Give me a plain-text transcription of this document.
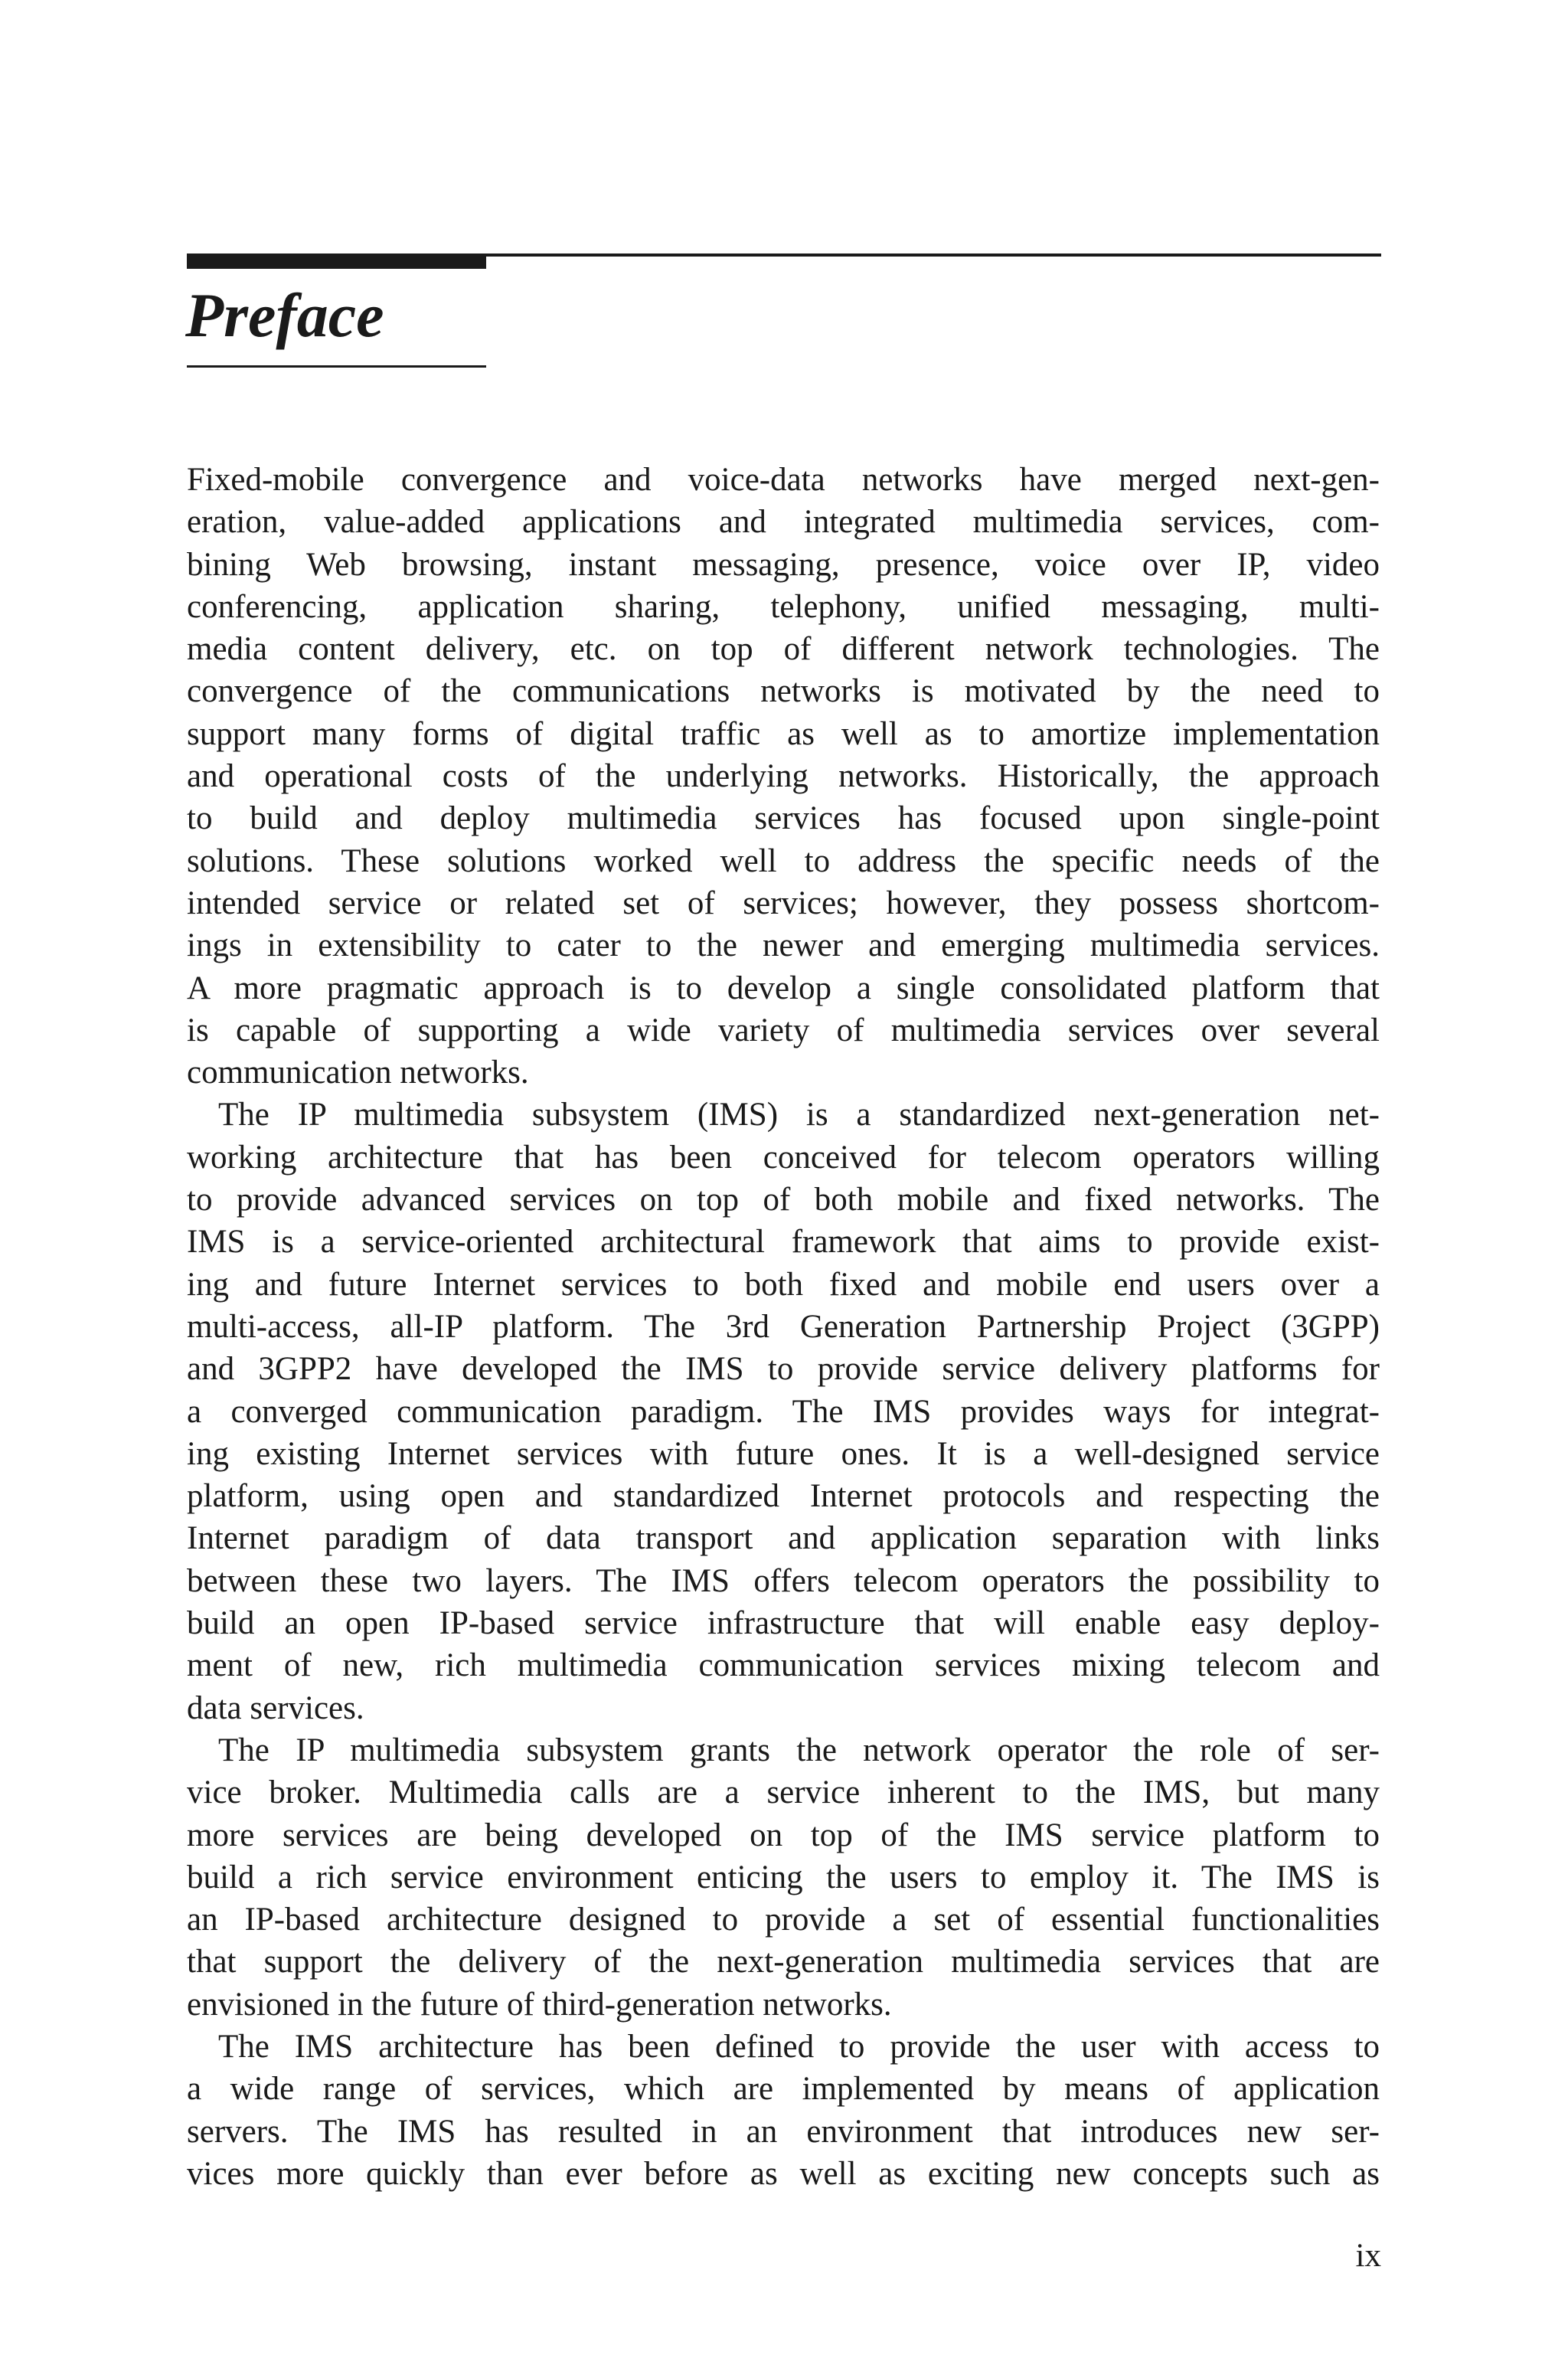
Preface
Fixed-mobile convergence and voice-data networks have merged next-gen-
eration, value-added applications and integrated multimedia services, com-
bining Web browsing, instant messaging, presence, voice over IP, video
conferencing, application sharing, telephony, unified messaging, multi-
media content delivery, etc. on top of different network technologies. The
convergence of the communications networks is motivated by the need to
support many forms of digital traffic as well as to amortize implementation
and operational costs of the underlying networks. Historically, the approach
to build and deploy multimedia services has focused upon single-point
solutions. These solutions worked well to address the specific needs of the
intended service or related set of services; however, they possess shortcom-
ings in extensibility to cater to the newer and emerging multimedia services.
A more pragmatic approach is to develop a single consolidated platform that
is capable of supporting a wide variety of multimedia services over several
communication networks.
The IP multimedia subsystem (IMS) is a standardized next-generation net-
working architecture that has been conceived for telecom operators willing
to provide advanced services on top of both mobile and fixed networks. The
IMS is a service-oriented architectural framework that aims to provide exist-
ing and future Internet services to both fixed and mobile end users over a
multi-access, all-IP platform. The 3rd Generation Partnership Project (3GPP)
and 3GPP2 have developed the IMS to provide service delivery platforms for
a converged communication paradigm. The IMS provides ways for integrat-
ing existing Internet services with future ones. It is a well-designed service
platform, using open and standardized Internet protocols and respecting the
Internet paradigm of data transport and application separation with links
between these two layers. The IMS offers telecom operators the possibility to
build an open IP-based service infrastructure that will enable easy deploy-
ment of new, rich multimedia communication services mixing telecom and
data services.
The IP multimedia subsystem grants the network operator the role of ser-
vice broker. Multimedia calls are a service inherent to the IMS, but many
more services are being developed on top of the IMS service platform to
build a rich service environment enticing the users to employ it. The IMS is
an IP-based architecture designed to provide a set of essential functionalities
that support the delivery of the next-generation multimedia services that are
envisioned in the future of third-generation networks.
The IMS architecture has been defined to provide the user with access to
a wide range of services, which are implemented by means of application
servers. The IMS has resulted in an environment that introduces new ser-
vices more quickly than ever before as well as exciting new concepts such as
ix
